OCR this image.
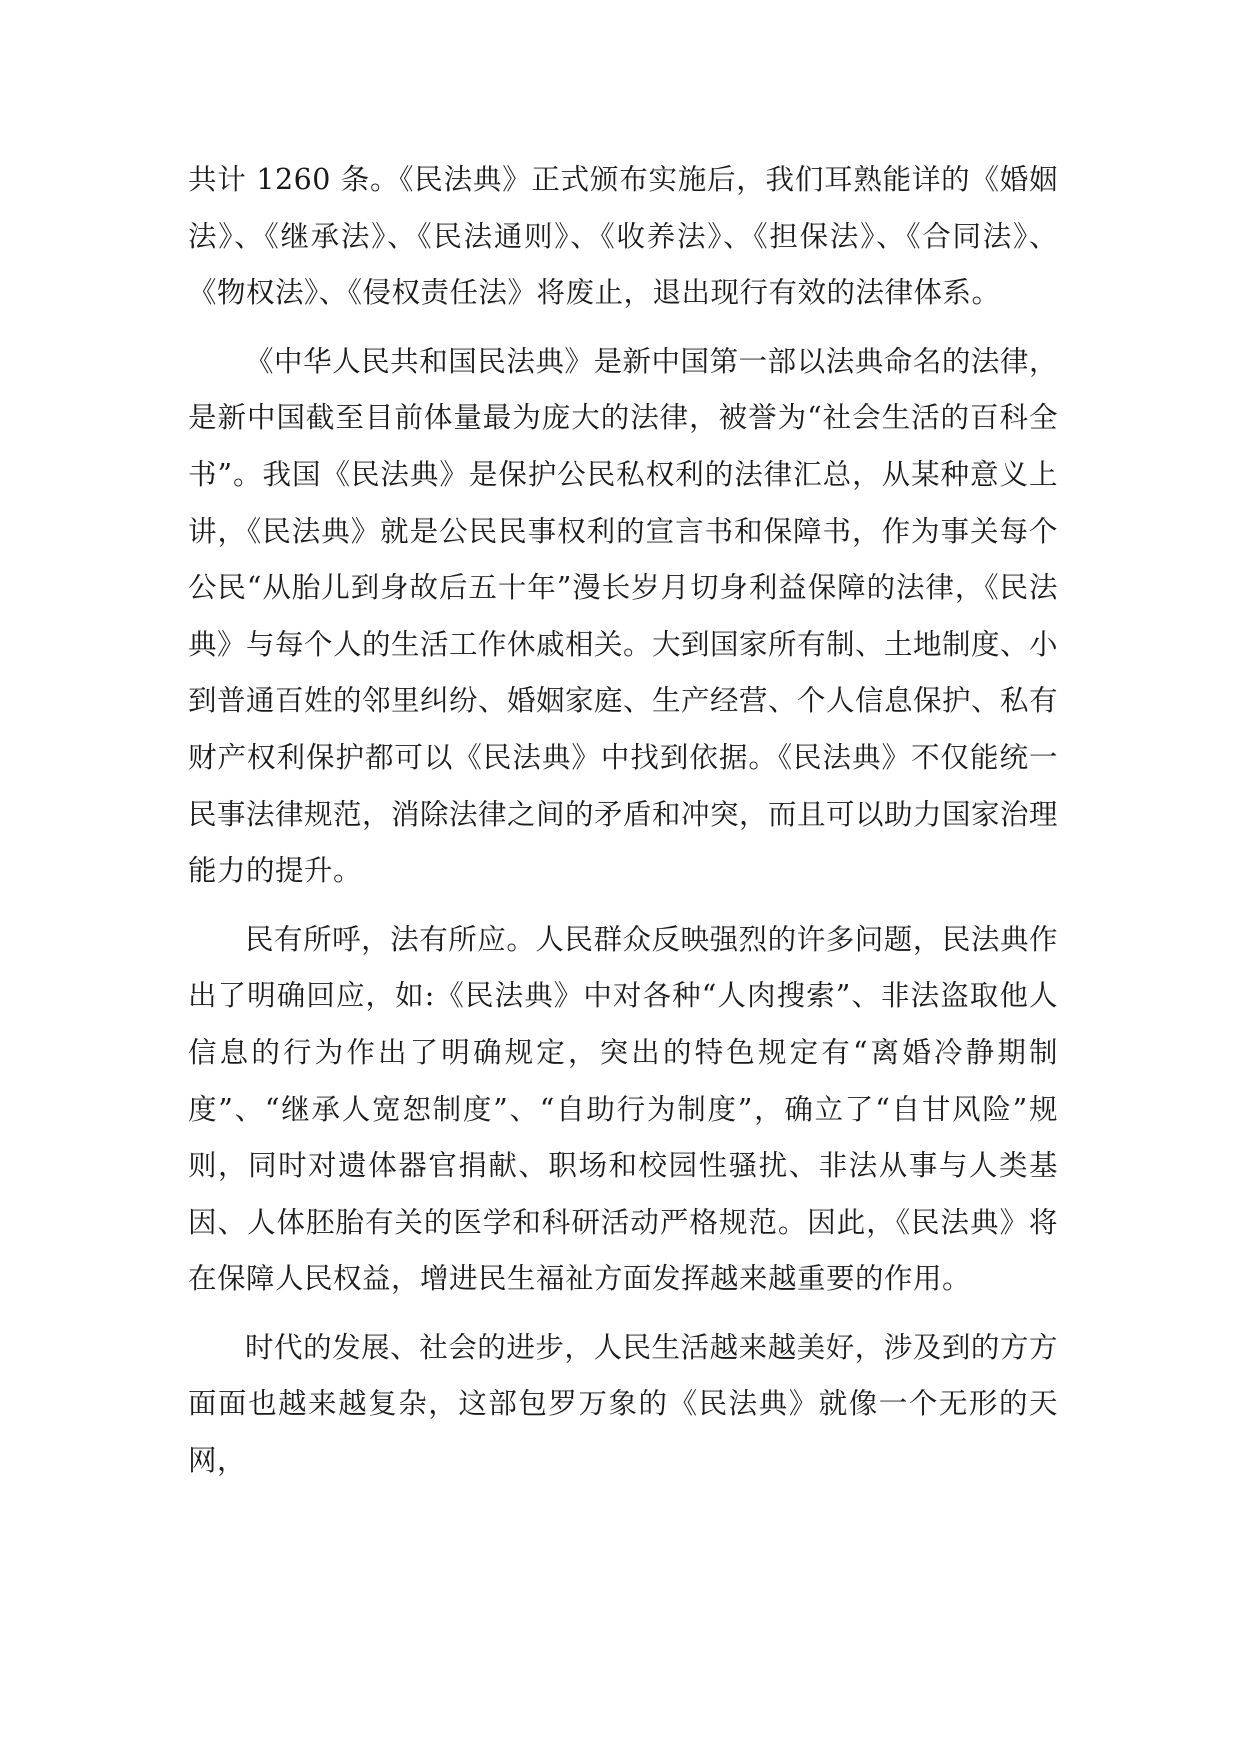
共计 1260 条。《民法典》正式颁布实施后，我们耳熟能详的《婚姻法》、《继承法》、《民法通则》、《收养法》、《担保法》、《合同法》、《物权法》、《侵权责任法》将废止，退出现行有效的法律体系。

《中华人民共和国民法典》是新中国第一部以法典命名的法律，是新中国截至目前体量最为庞大的法律，被誉为“社会生活的百科全书”。我国《民法典》是保护公民私权利的法律汇总，从某种意义上讲，《民法典》就是公民民事权利的宣言书和保障书，作为事关每个公民“从胎儿到身故后五十年”漫长岁月切身利益保障的法律，《民法典》与每个人的生活工作休戚相关。大到国家所有制、土地制度、小到普通百姓的邻里纠纷、婚姻家庭、生产经营、个人信息保护、私有财产权利保护都可以《民法典》中找到依据。《民法典》不仅能统一民事法律规范，消除法律之间的矛盾和冲突，而且可以助力国家治理能力的提升。

民有所呼，法有所应。人民群众反映强烈的许多问题，民法典作出了明确回应，如:《民法典》中对各种“人肉搜索”、非法盗取他人信息的行为作出了明确规定，突出的特色规定有“离婚冷静期制度”、“继承人宽恕制度”、“自助行为制度”，确立了“自甘风险”规则，同时对遗体器官捐献、职场和校园性骚扰、非法从事与人类基因、人体胚胎有关的医学和科研活动严格规范。因此，《民法典》将在保障人民权益，增进民生福祉方面发挥越来越重要的作用。

时代的发展、社会的进步，人民生活越来越美好，涉及到的方方面面也越来越复杂，这部包罗万象的《民法典》就像一个无形的天网，
